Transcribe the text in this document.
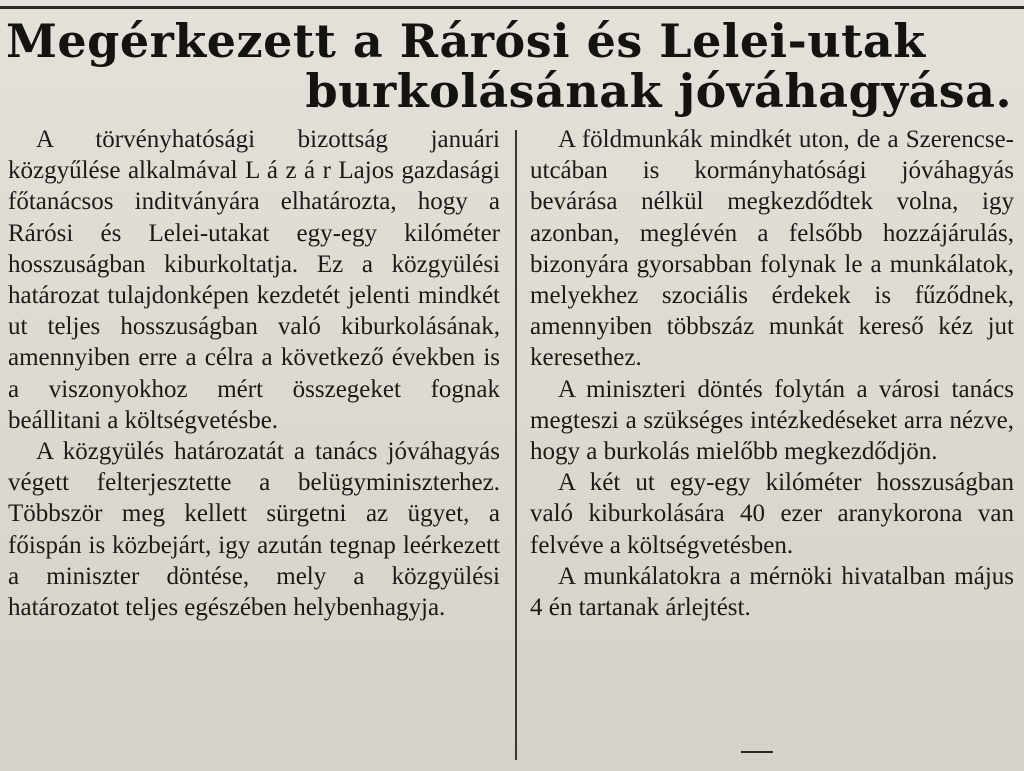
Megérkezett a Rárósi és Lelei-utak
burkolásának jóváhagyása.

A törvényhatósági bizottság januári közgyűlése alkalmával L á z á r Lajos gazdasági főtanácsos inditványára elhatározta, hogy a Rárósi és Lelei-utakat egy-egy kilóméter hosszuságban kiburkoltatja. Ez a közgyülési határozat tulajdonképen kezdetét jelenti mindkét ut teljes hosszuságban való kiburkolásának, amennyiben erre a célra a következő években is a viszonyokhoz mért összegeket fognak beállitani a költségvetésbe.

A közgyülés határozatát a tanács jóváhagyás végett felterjesztette a belügyminiszterhez. Többször meg kellett sürgetni az ügyet, a főispán is közbejárt, igy azután tegnap leérkezett a miniszter döntése, mely a közgyülési határozatot teljes egészében helybenhagyja.

A földmunkák mindkét uton, de a Szerencse-utcában is kormányhatósági jóváhagyás bevárása nélkül megkezdődtek volna, igy azonban, meglévén a felsőbb hozzájárulás, bizonyára gyorsabban folynak le a munkálatok, melyekhez szociális érdekek is fűződnek, amennyiben többszáz munkát kereső kéz jut keresethez.

A miniszteri döntés folytán a városi tanács megteszi a szükséges intézkedéseket arra nézve, hogy a burkolás mielőbb megkezdődjön.

A két ut egy-egy kilóméter hosszuságban való kiburkolására 40 ezer aranykorona van felvéve a költségvetésben.

A munkálatokra a mérnöki hivatalban május 4 én tartanak árlejtést.
